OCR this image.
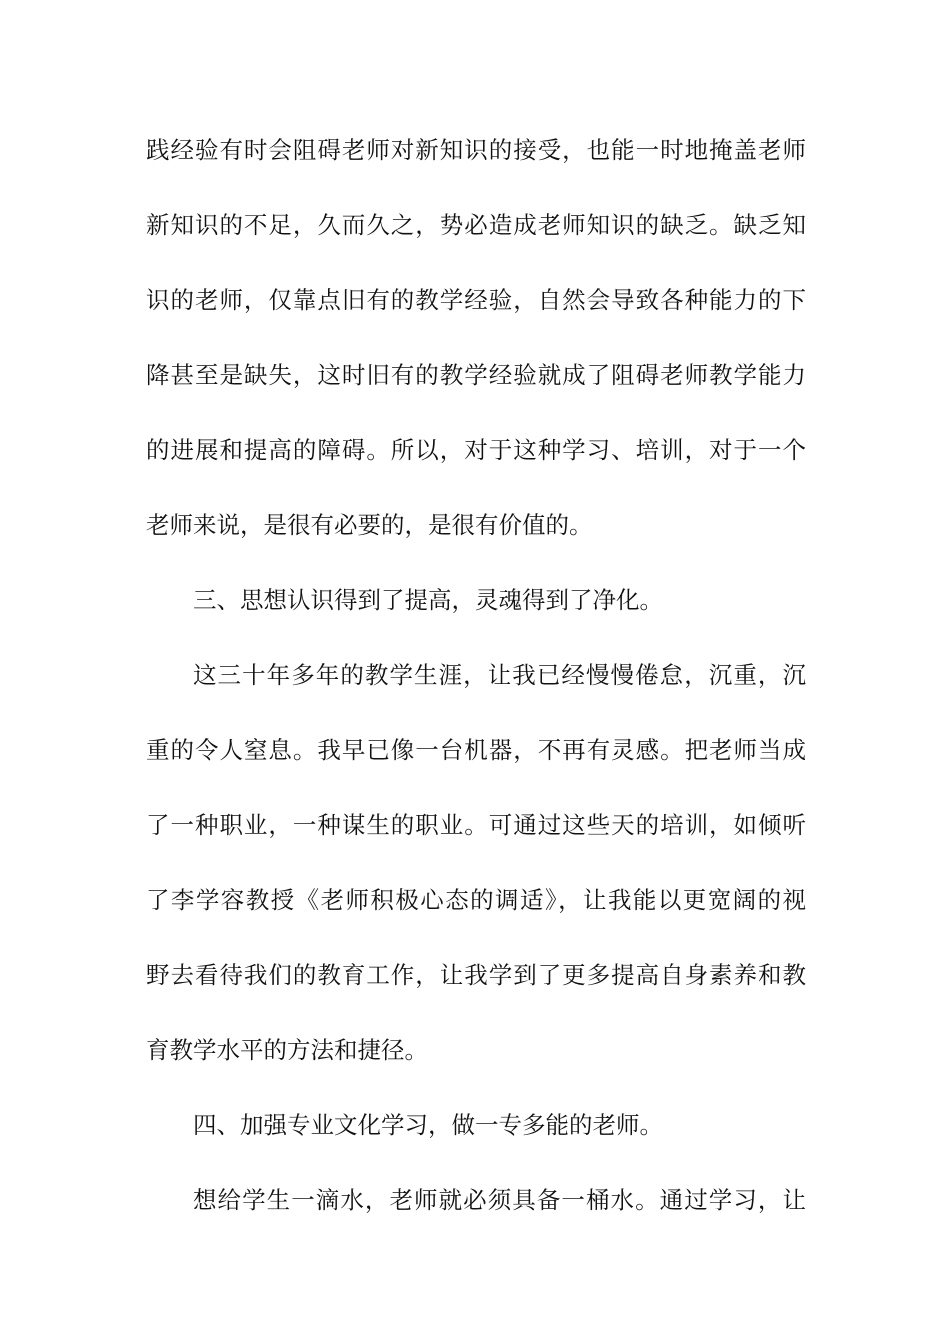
践经验有时会阻碍老师对新知识的接受，也能一时地掩盖老师
新知识的不足，久而久之，势必造成老师知识的缺乏。缺乏知
识的老师，仅靠点旧有的教学经验，自然会导致各种能力的下
降甚至是缺失，这时旧有的教学经验就成了阻碍老师教学能力
的进展和提高的障碍。所以，对于这种学习、培训，对于一个
老师来说，是很有必要的，是很有价值的。
三、思想认识得到了提高，灵魂得到了净化。
这三十年多年的教学生涯，让我已经慢慢倦怠，沉重，沉
重的令人窒息。我早已像一台机器，不再有灵感。把老师当成
了一种职业，一种谋生的职业。可通过这些天的培训，如倾听
了李学容教授《老师积极心态的调适》，让我能以更宽阔的视
野去看待我们的教育工作，让我学到了更多提高自身素养和教
育教学水平的方法和捷径。
四、加强专业文化学习，做一专多能的老师。
想给学生一滴水，老师就必须具备一桶水。通过学习，让
